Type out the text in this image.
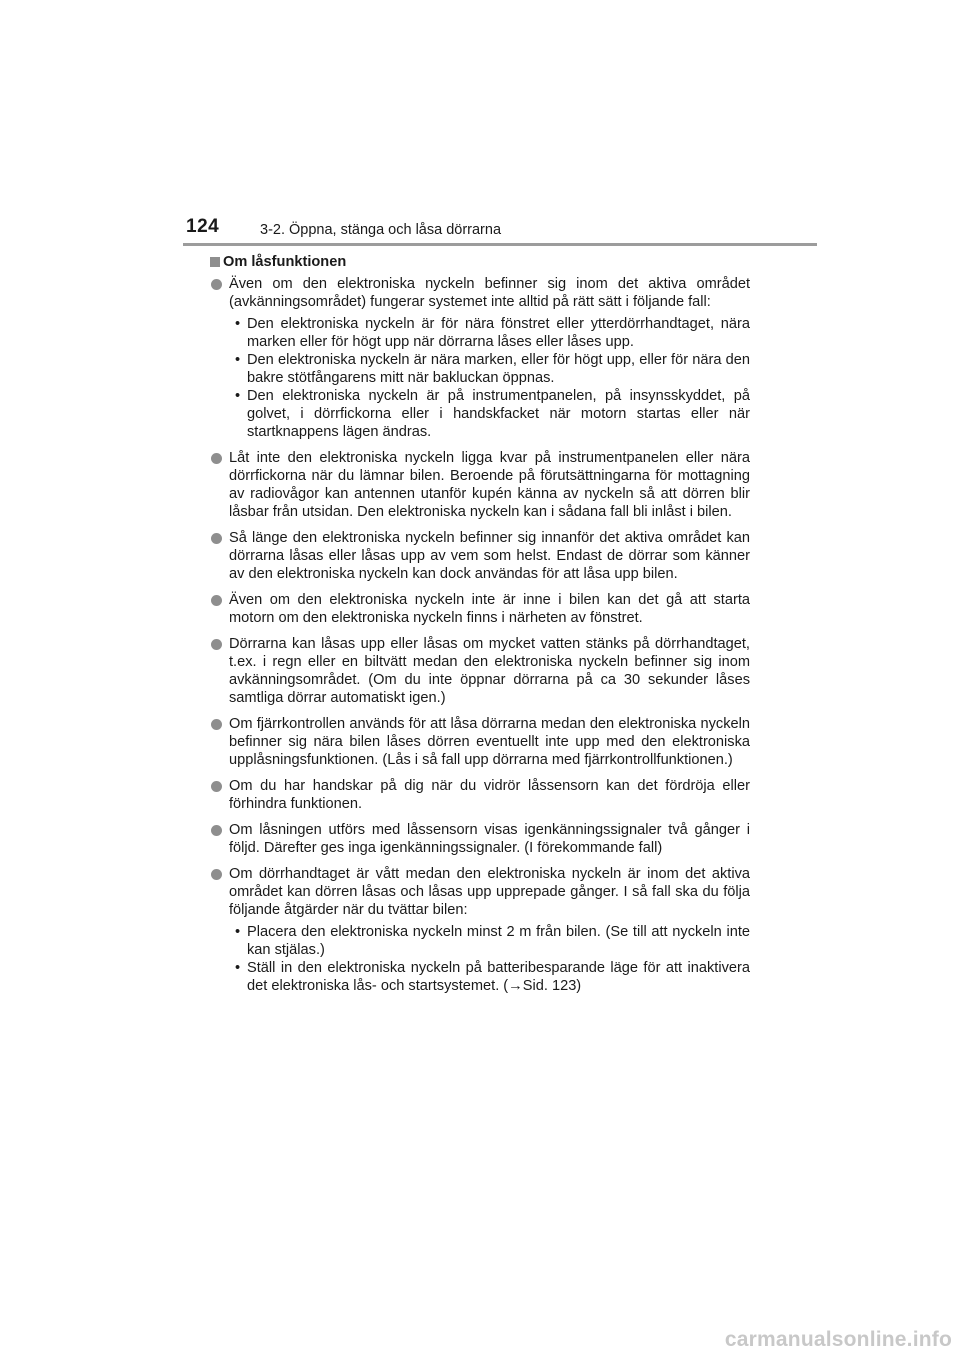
124	3-2. Öppna, stänga och låsa dörrarna
Om låsfunktionen
Även om den elektroniska nyckeln befinner sig inom det aktiva området (avkänningsområdet) fungerar systemet inte alltid på rätt sätt i följande fall:
• Den elektroniska nyckeln är för nära fönstret eller ytterdörrhandtaget, nära marken eller för högt upp när dörrarna låses eller låses upp.
• Den elektroniska nyckeln är nära marken, eller för högt upp, eller för nära den bakre stötfångarens mitt när bakluckan öppnas.
• Den elektroniska nyckeln är på instrumentpanelen, på insynsskyddet, på golvet, i dörrfickorna eller i handskfacket när motorn startas eller när startknappens lägen ändras.
Låt inte den elektroniska nyckeln ligga kvar på instrumentpanelen eller nära dörrfickorna när du lämnar bilen. Beroende på förutsättningarna för mottagning av radiovågor kan antennen utanför kupén känna av nyckeln så att dörren blir låsbar från utsidan. Den elektroniska nyckeln kan i sådana fall bli inlåst i bilen.
Så länge den elektroniska nyckeln befinner sig innanför det aktiva området kan dörrarna låsas eller låsas upp av vem som helst. Endast de dörrar som känner av den elektroniska nyckeln kan dock användas för att låsa upp bilen.
Även om den elektroniska nyckeln inte är inne i bilen kan det gå att starta motorn om den elektroniska nyckeln finns i närheten av fönstret.
Dörrarna kan låsas upp eller låsas om mycket vatten stänks på dörrhandtaget, t.ex. i regn eller en biltvätt medan den elektroniska nyckeln befinner sig inom avkänningsområdet. (Om du inte öppnar dörrarna på ca 30 sekunder låses samtliga dörrar automatiskt igen.)
Om fjärrkontrollen används för att låsa dörrarna medan den elektroniska nyckeln befinner sig nära bilen låses dörren eventuellt inte upp med den elektroniska upplåsningsfunktionen. (Lås i så fall upp dörrarna med fjärrkontrollfunktionen.)
Om du har handskar på dig när du vidrör låssensorn kan det fördröja eller förhindra funktionen.
Om låsningen utförs med låssensorn visas igenkänningssignaler två gånger i följd. Därefter ges inga igenkänningssignaler. (I förekommande fall)
Om dörrhandtaget är vått medan den elektroniska nyckeln är inom det aktiva området kan dörren låsas och låsas upp upprepade gånger. I så fall ska du följa följande åtgärder när du tvättar bilen:
• Placera den elektroniska nyckeln minst 2 m från bilen. (Se till att nyckeln inte kan stjälas.)
• Ställ in den elektroniska nyckeln på batteribesparande läge för att inaktivera det elektroniska lås- och startsystemet. (→Sid. 123)
carmanualsonline.info
